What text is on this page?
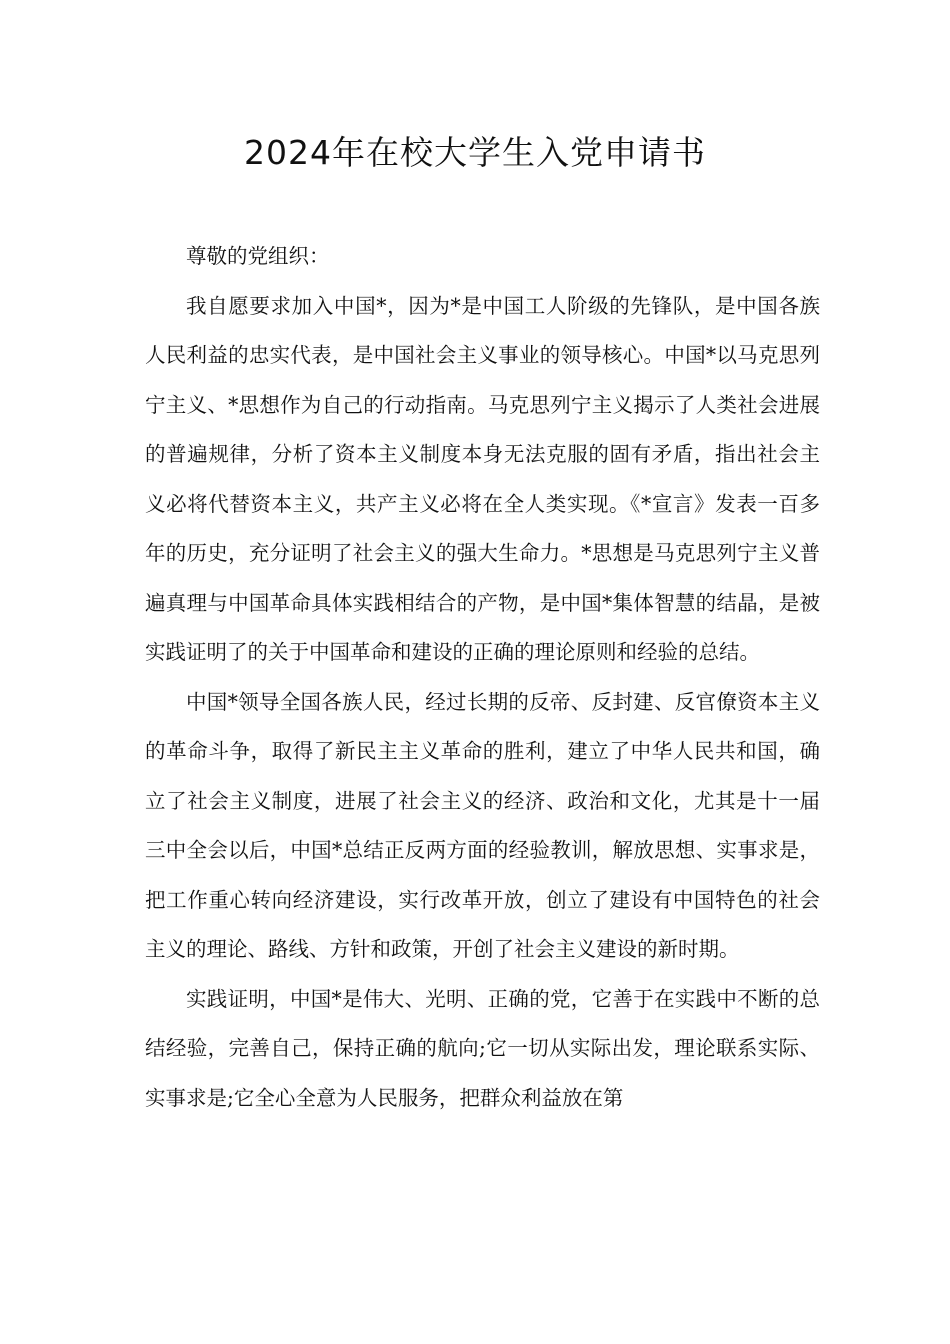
2024年在校大学生入党申请书

尊敬的党组织：

我自愿要求加入中国*，因为*是中国工人阶级的先锋队，是中国各族人民利益的忠实代表，是中国社会主义事业的领导核心。中国*以马克思列宁主义、*思想作为自己的行动指南。马克思列宁主义揭示了人类社会进展的普遍规律，分析了资本主义制度本身无法克服的固有矛盾，指出社会主义必将代替资本主义，共产主义必将在全人类实现。《*宣言》发表一百多年的历史，充分证明了社会主义的强大生命力。*思想是马克思列宁主义普遍真理与中国革命具体实践相结合的产物，是中国*集体智慧的结晶，是被实践证明了的关于中国革命和建设的正确的理论原则和经验的总结。

中国*领导全国各族人民，经过长期的反帝、反封建、反官僚资本主义的革命斗争，取得了新民主主义革命的胜利，建立了中华人民共和国，确立了社会主义制度，进展了社会主义的经济、政治和文化，尤其是十一届三中全会以后，中国*总结正反两方面的经验教训，解放思想、实事求是，把工作重心转向经济建设，实行改革开放，创立了建设有中国特色的社会主义的理论、路线、方针和政策，开创了社会主义建设的新时期。

实践证明，中国*是伟大、光明、正确的党，它善于在实践中不断的总结经验，完善自己，保持正确的航向;它一切从实际出发，理论联系实际、实事求是;它全心全意为人民服务，把群众利益放在第
